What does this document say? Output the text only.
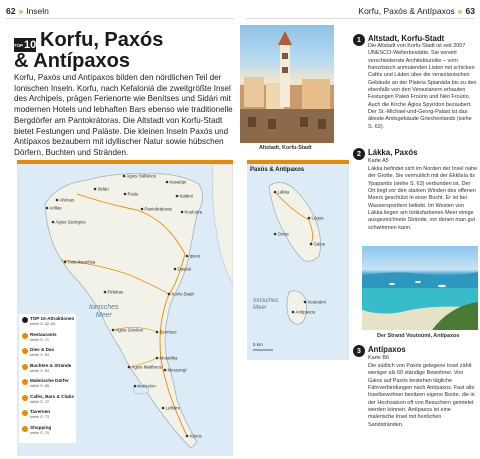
62 » Inseln	Korfu, Paxós & Antípaxos « 63
TOP 10 Korfu, Paxós
& Antípaxos

Korfu, Paxós und Antípaxos bilden den nördlichen Teil der Ionischen Inseln. Korfu, nach Kefaloniá die zweitgrößte Insel des Archipels, prägen Ferienorte wie Benítses und Sidári mit modernen Hotels und lebhaften Bars ebenso wie traditionelle Bergdörfer am Pantokrátoras. Die Altstadt von Korfu-Stadt bietet Festungen und Paläste. Die kleinen Inseln Paxós und Antípaxos bezaubern mit idyllischer Natur sowie hübschen Dörfern, Buchten und Stränden.	Altstadt, Korfu-Stadt
1 Altstadt, Korfu-Stadt

Die Altstadt von Korfu-Stadt ist seit 2007 UNESCO-Welterbestätte. Sie vereint verschiedenste Architekturstile – vom französisch anmutenden Liston mit schicken Cafés und Läden über die venezianischen Gebäude an der Plateía Spianáda bis zu den ebenfalls von den Venezianern erbauten Festungen Paleó Froúrio und Néo Froúrio. Auch die Kirche Ágios Spyrídon bezaubert. Der St.-Michael-und-Georg-Palast ist das älteste Amtsgebäude Griechenlands (siehe S. 63).

2 Lákka, Paxós
Karte A5

Lákka befindet sich im Norden der Insel nahe der Grotte. Sie vermutlich mit der Ekklisía tis Ypapantís (siehe S. 63) verbunden ist. Der Ort liegt vor den starken Winden des offenen Meers geschützt in einer Bucht. Er ist bei Wassersportlern beliebt. Im Westen von Lákka liegen am türkisfarbenen Meer einige ausgezeichnete Strände, vor denen man gut schwimmen kann.

Der Strand Voutoúmi, Antípaxos
3 Antípaxos
Karte B6

Die südlich von Paxós gelegene Insel zählt weniger als 60 ständige Bewohner. Von Gáios auf Paxós bestehen tägliche Fährverbindungen nach Antípaxos. Fast alle Inselbewohner besitzen eigene Boote, die in der Hochsaison oft von Besuchern gemietet werden können. Antípaxos ist eine malerische Insel mit herrlichen Sandstränden.

Ágios Stéfanos
Kassiópi
Kalámi
Sidári
Roda
Afiónas
Arillas	Pantokrátoras
Ágios Geórgios
Kouloúra
Ipsos
Dassiá
Paleokastrítsa
Korfu-Stadt
Pélekas
Benítses
Ágios Górdios
Moraitika
Messongí
Ágios Mattheos
Korissíon
Lefkími
Kávos
Ionisches
Meer
TOP 10-Attraktionen
siehe S. 62–63
Restaurants
siehe S. 71
Dies & Das
siehe S. 64
Buchten & Strände
siehe S. 64
Malerische Dörfer
siehe S. 65
Cafés, Bars & Clubs
siehe S. 72
Tavernen
siehe S. 73
Shopping
siehe S. 70
Lákka
Lógos
Gáios
Ozias
Antípaxos
Voutoúmi
Paxós & Antípaxos
Ionisches
Meer
5 km
